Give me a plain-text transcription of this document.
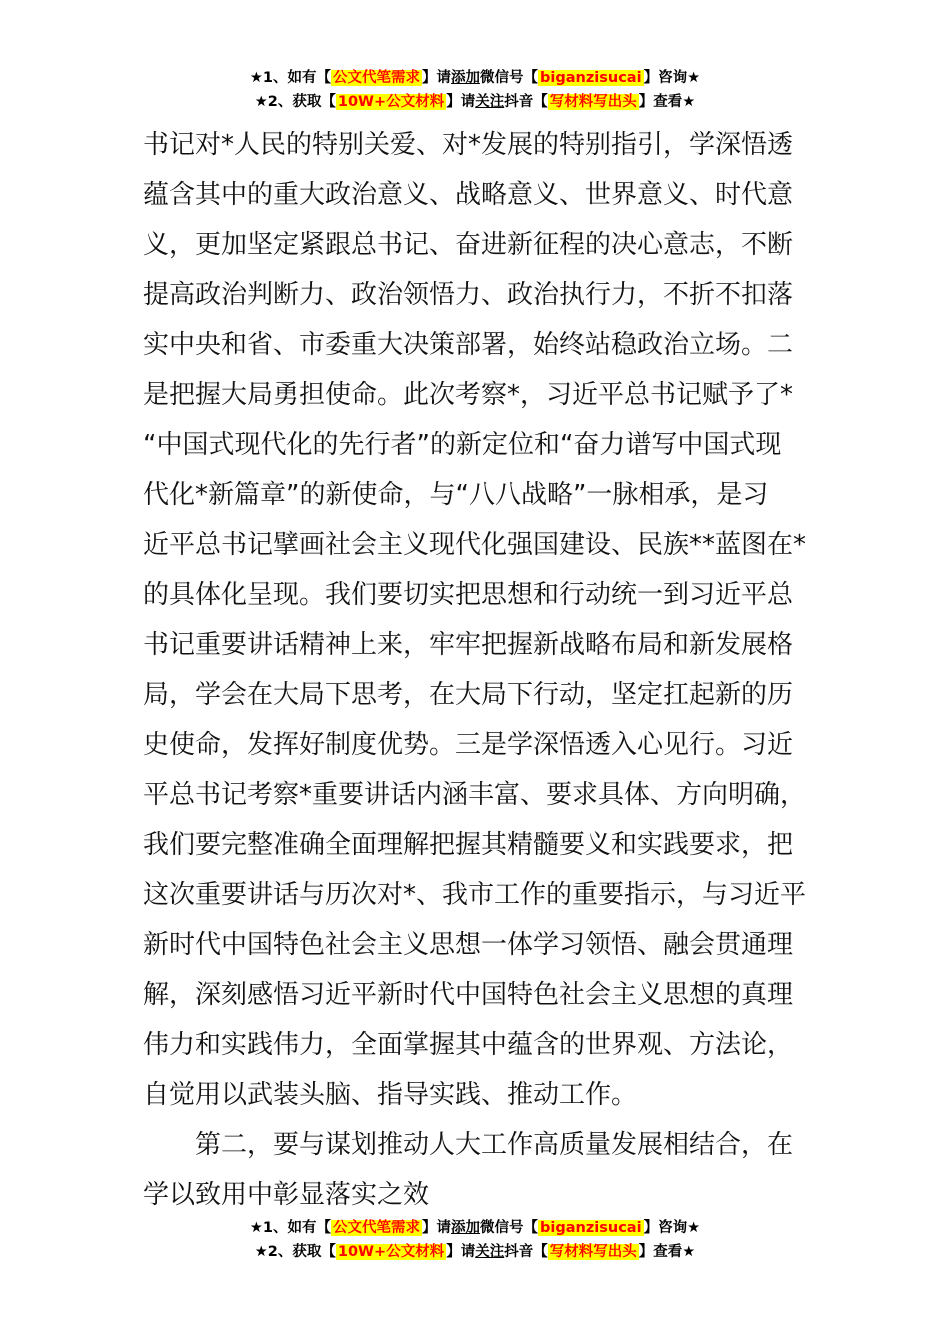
★1、如有【 公文代笔需求 】请添加微信号【 biganzisucai 】咨询★
★2、获取【 10W+公文材料 】请关注抖音【 写材料写出头 】查看★
书记对*人民的特别关爱、对*发展的特别指引，学深悟透
蕴含其中的重大政治意义、战略意义、世界意义、时代意
义，更加坚定紧跟总书记、奋进新征程的决心意志，不断
提高政治判断力、政治领悟力、政治执行力，不折不扣落
实中央和省、市委重大决策部署，始终站稳政治立场。二
是把握大局勇担使命。此次考察*，习近平总书记赋予了*
“中国式现代化的先行者”的新定位和“奋力谱写中国式现
代化*新篇章”的新使命，与“八八战略”一脉相承，是习
近平总书记擘画社会主义现代化强国建设、民族**蓝图在*
的具体化呈现。我们要切实把思想和行动统一到习近平总
书记重要讲话精神上来，牢牢把握新战略布局和新发展格
局，学会在大局下思考，在大局下行动，坚定扛起新的历
史使命，发挥好制度优势。三是学深悟透入心见行。习近
平总书记考察*重要讲话内涵丰富、要求具体、方向明确，
我们要完整准确全面理解把握其精髓要义和实践要求，把
这次重要讲话与历次对*、我市工作的重要指示，与习近平
新时代中国特色社会主义思想一体学习领悟、融会贯通理
解，深刻感悟习近平新时代中国特色社会主义思想的真理
伟力和实践伟力，全面掌握其中蕴含的世界观、方法论，
自觉用以武装头脑、指导实践、推动工作。
第二，要与谋划推动人大工作高质量发展相结合，在
学以致用中彰显落实之效
★1、如有【 公文代笔需求 】请添加微信号【 biganzisucai 】咨询★
★2、获取【 10W+公文材料 】请关注抖音【 写材料写出头 】查看★
